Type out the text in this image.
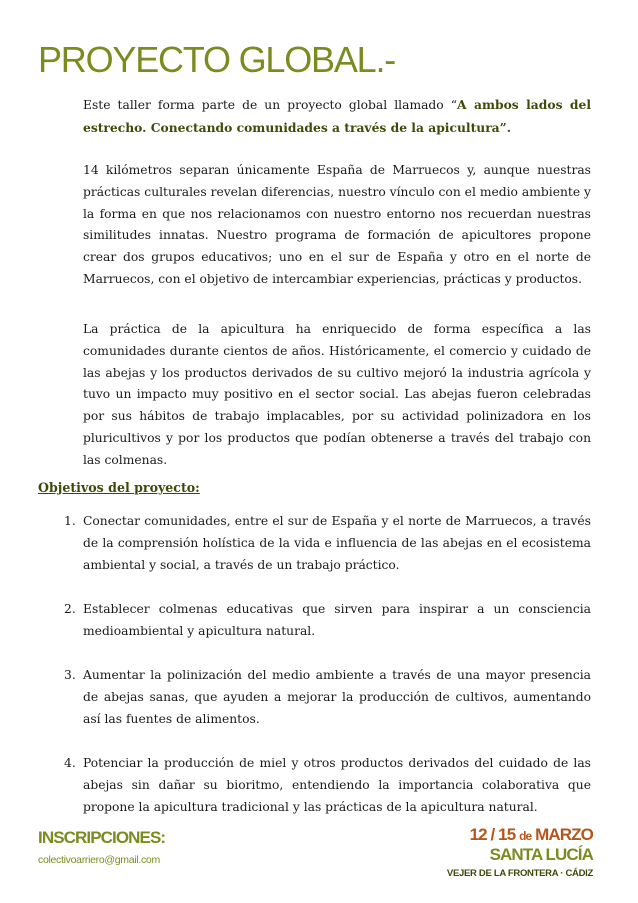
PROYECTO GLOBAL.-

Este taller forma parte de un proyecto global llamado “A ambos lados del estrecho. Conectando comunidades a través de la apicultura”.

14 kilómetros separan únicamente España de Marruecos y, aunque nuestras prácticas culturales revelan diferencias, nuestro vínculo con el medio ambiente y la forma en que nos relacionamos con nuestro entorno nos recuerdan nuestras similitudes innatas. Nuestro programa de formación de apicultores propone crear dos grupos educativos; uno en el sur de España y otro en el norte de Marruecos, con el objetivo de intercambiar experiencias, prácticas y productos.

La práctica de la apicultura ha enriquecido de forma específica a las comunidades durante cientos de años. Históricamente, el comercio y cuidado de las abejas y los productos derivados de su cultivo mejoró la industria agrícola y tuvo un impacto muy positivo en el sector social. Las abejas fueron celebradas por sus hábitos de trabajo implacables, por su actividad polinizadora en los pluricultivos y por los productos que podían obtenerse a través del trabajo con las colmenas.

Objetivos del proyecto:
1. Conectar comunidades, entre el sur de España y el norte de Marruecos, a través de la comprensión holística de la vida e influencia de las abejas en el ecosistema ambiental y social, a través de un trabajo práctico.

2. Establecer colmenas educativas que sirven para inspirar a un consciencia medioambiental y apicultura natural.

3. Aumentar la polinización del medio ambiente a través de una mayor presencia de abejas sanas, que ayuden a mejorar la producción de cultivos, aumentando así las fuentes de alimentos.

4. Potenciar la producción de miel y otros productos derivados del cuidado de las abejas sin dañar su bioritmo, entendiendo la importancia colaborativa que propone la apicultura tradicional y las prácticas de la apicultura natural.

INSCRIPCIONES:
colectivoarriero@gmail.com
12 / 15 de MARZO
SANTA LUCÍA
VEJER DE LA FRONTERA · CÁDIZ
